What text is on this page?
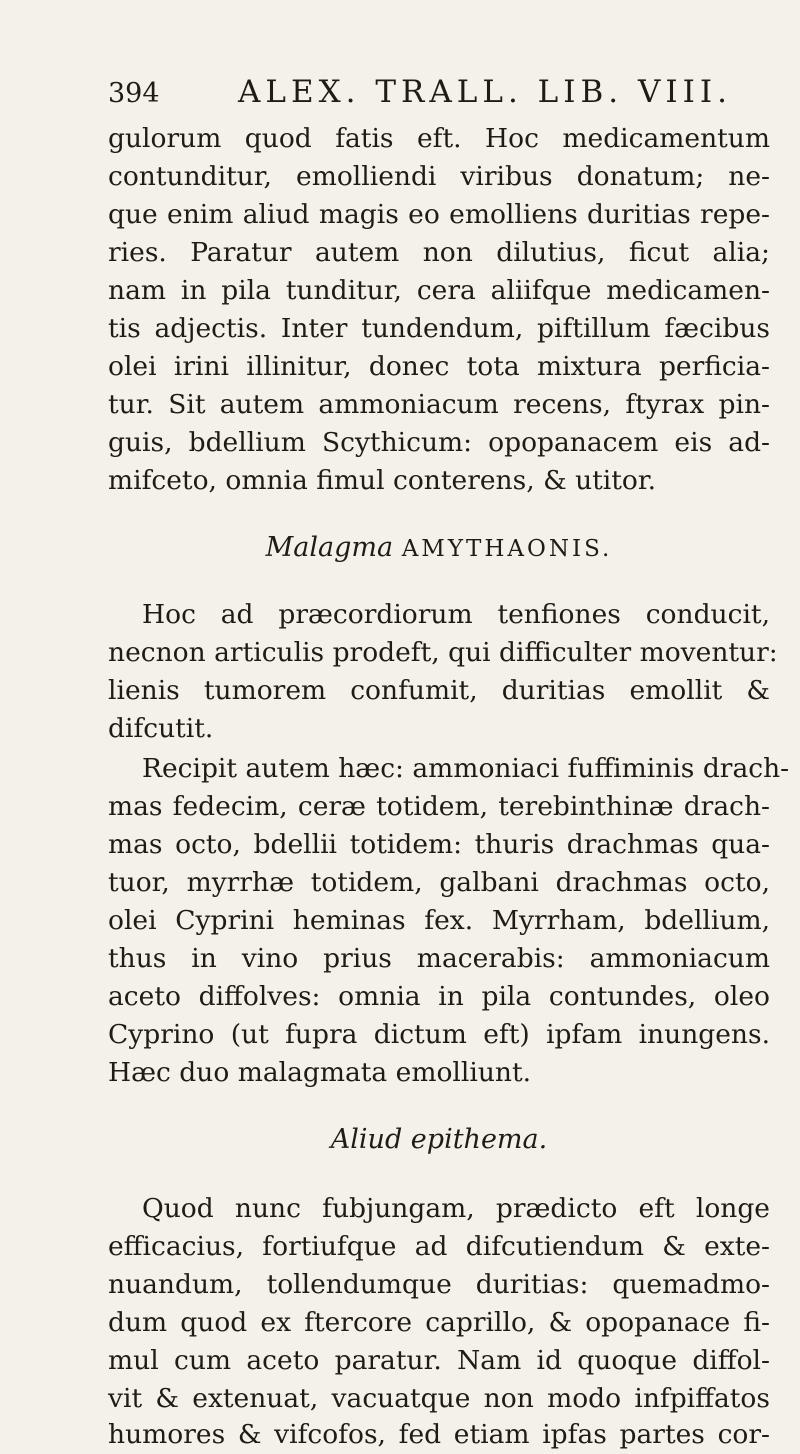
394	ALEX. TRALL. LIB. VIII.
gulorum quod fatis eft. Hoc medicamentum
contunditur, emolliendi viribus donatum; ne-
que enim aliud magis eo emolliens duritias repe-
ries. Paratur autem non dilutius, ficut alia;
nam in pila tunditur, cera aliifque medicamen-
tis adjectis. Inter tundendum, piftillum fæcibus
olei irini illinitur, donec tota mixtura perficia-
tur. Sit autem ammoniacum recens, ftyrax pin-
guis, bdellium Scythicum: opopanacem eis ad-
mifceto, omnia fimul conterens, & utitor.
Malagma AMYTHAONIS.
Hoc ad præcordiorum tenfiones conducit,
necnon articulis prodeft, qui difficulter moventur:
lienis tumorem confumit, duritias emollit &
difcutit.
Recipit autem hæc: ammoniaci fuffiminis drach-
mas fedecim, ceræ totidem, terebinthinæ drach-
mas octo, bdellii totidem: thuris drachmas qua-
tuor, myrrhæ totidem, galbani drachmas octo,
olei Cyprini heminas fex. Myrrham, bdellium,
thus in vino prius macerabis: ammoniacum
aceto diffolves: omnia in pila contundes, oleo
Cyprino (ut fupra dictum eft) ipfam inungens.
Hæc duo malagmata emolliunt.
Aliud epithema.
Quod nunc fubjungam, prædicto eft longe
efficacius, fortiufque ad difcutiendum & exte-
nuandum, tollendumque duritias: quemadmo-
dum quod ex ftercore caprillo, & opopanace fi-
mul cum aceto paratur. Nam id quoque diffol-
vit & extenuat, vacuatque non modo infpiffatos
humores & vifcofos, fed etiam ipfas partes cor-
